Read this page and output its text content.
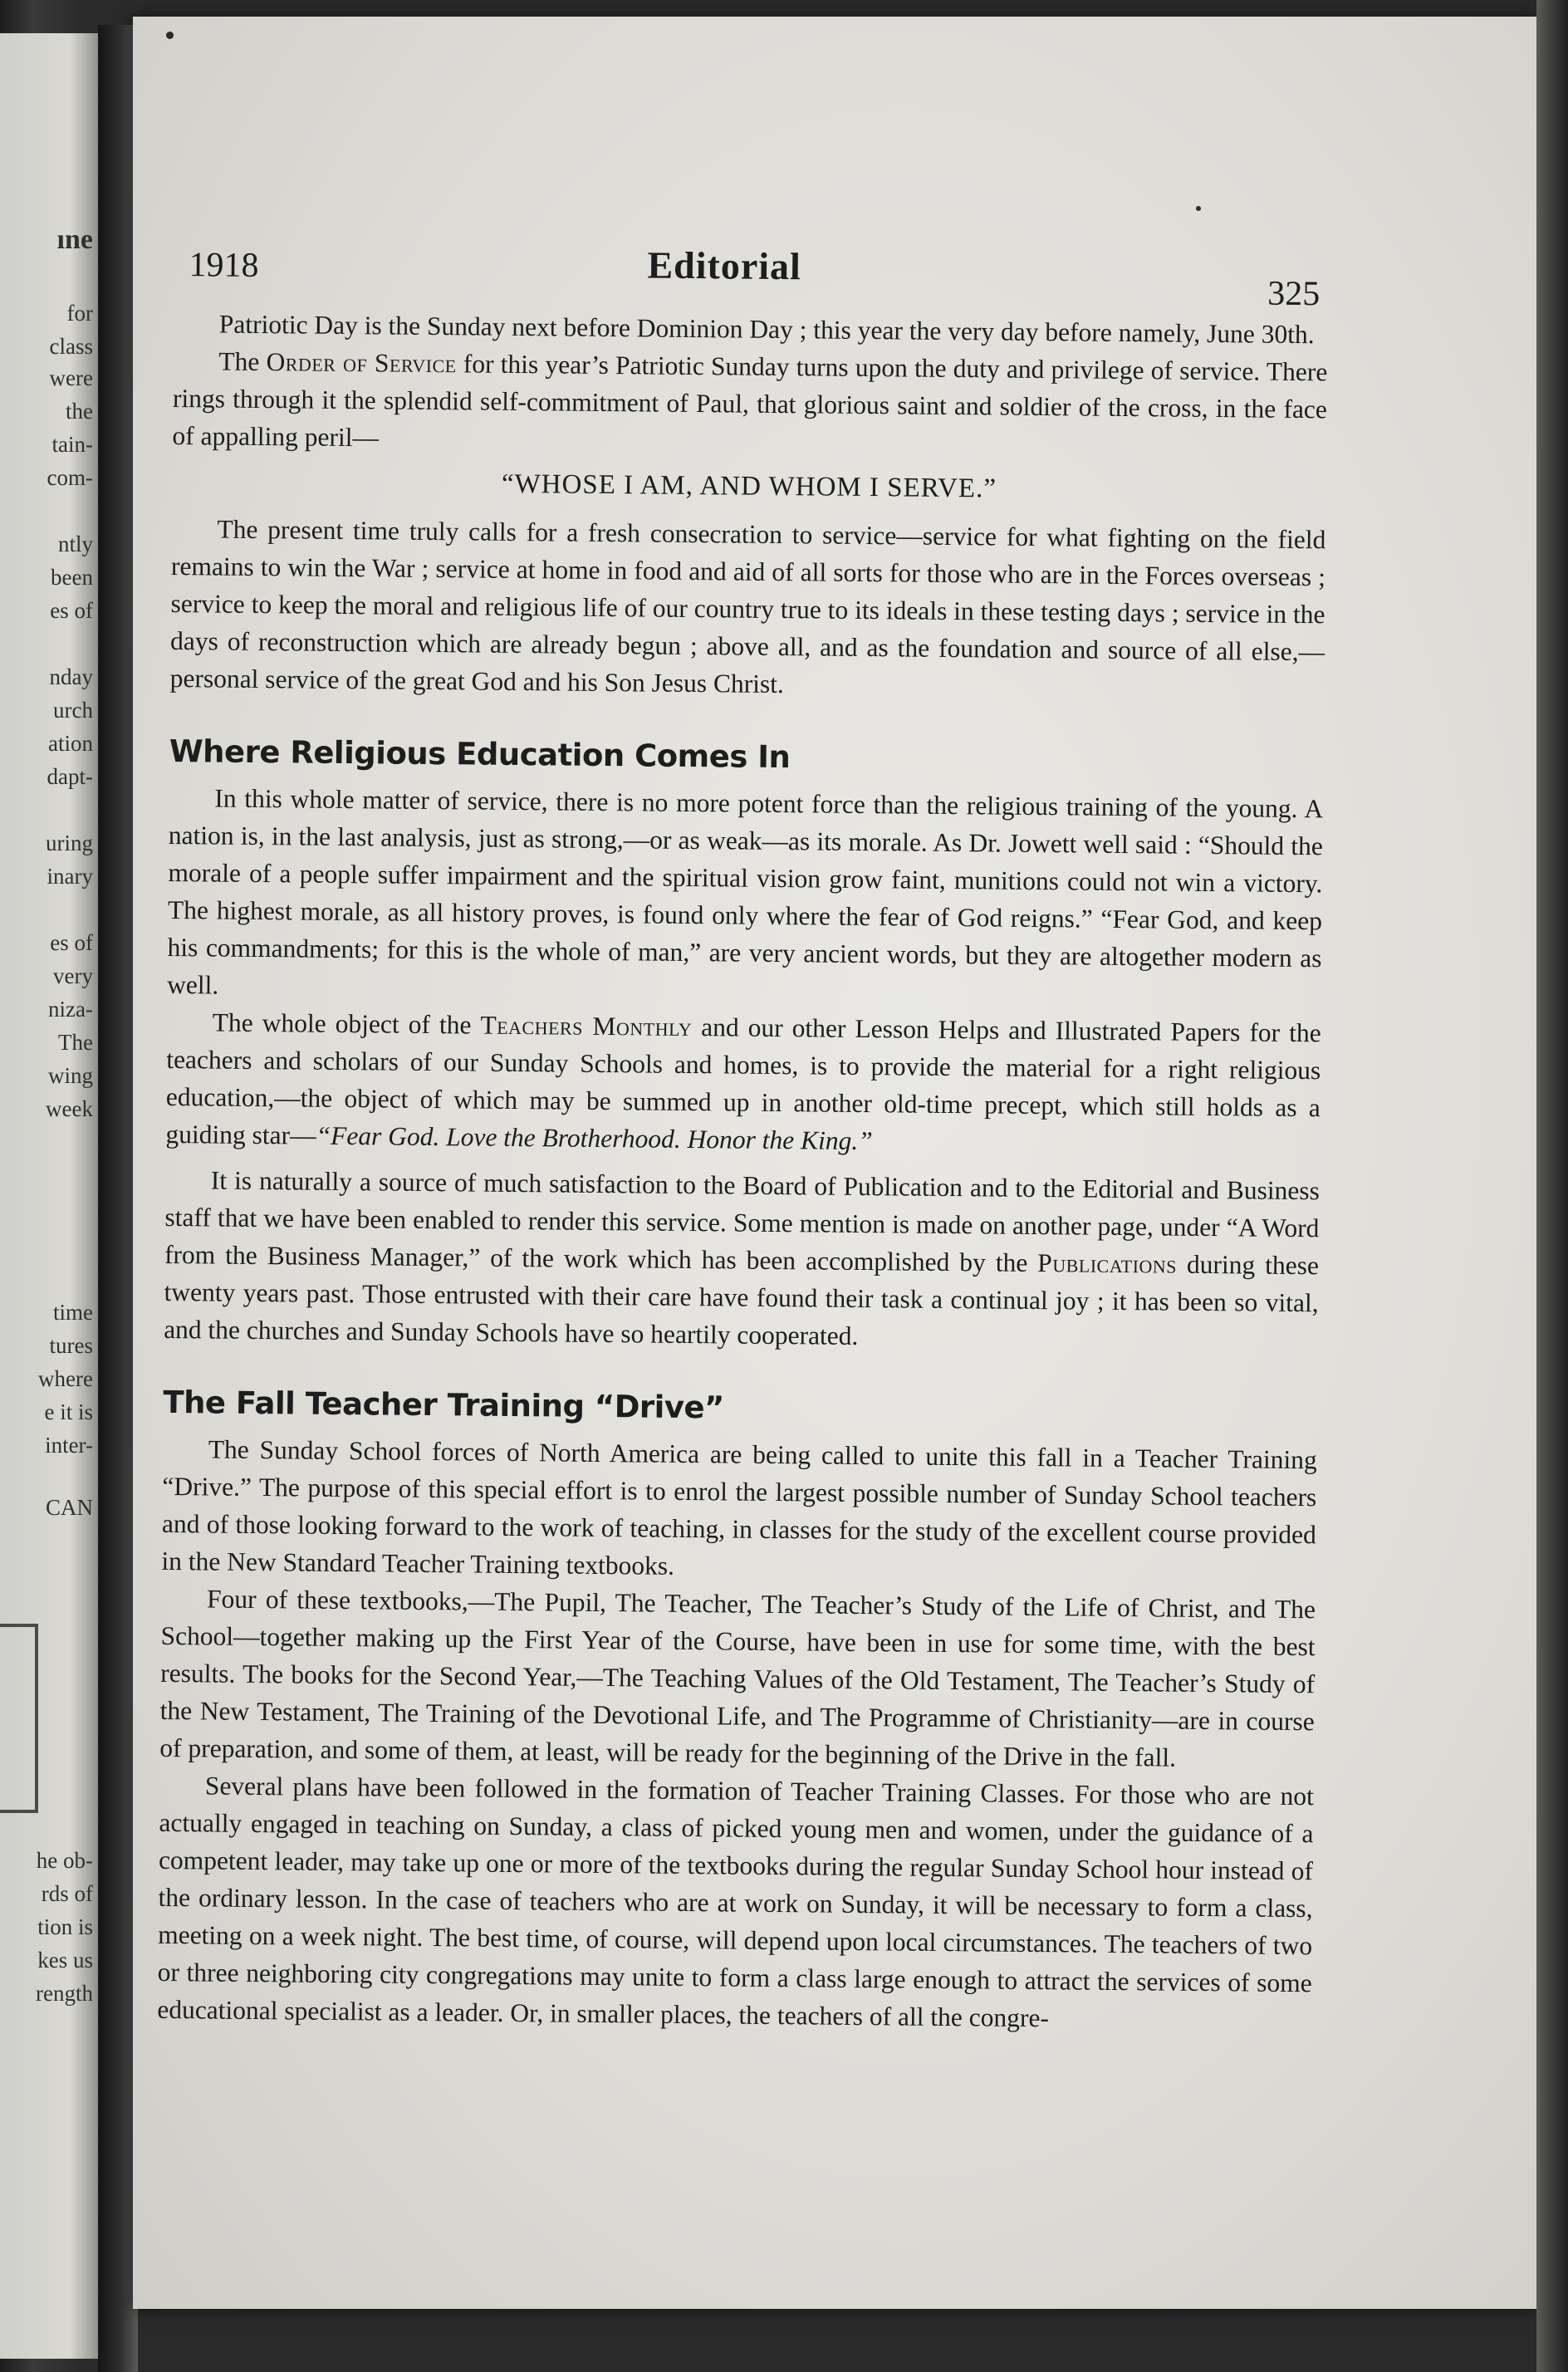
ıne
for
class
were
the
tain-
com-
ntly
been
es of
nday
urch
ation
dapt-
uring
inary
es of
very
niza-
The
wing
week
time
tures
where
e it is
inter-
CAN
he ob-
rds of
tion is
kes us
rength
1918	Editorial
325

Patriotic Day is the Sunday next before Dominion Day ; this year the very day before namely, June 30th.

The Order of Service for this year’s Patriotic Sunday turns upon the duty and privilege of service. There rings through it the splendid self-commitment of Paul, that glorious saint and soldier of the cross, in the face of appalling peril—

“WHOSE I AM, AND WHOM I SERVE.”

The present time truly calls for a fresh consecration to service—service for what fighting on the field remains to win the War ; service at home in food and aid of all sorts for those who are in the Forces overseas ; service to keep the moral and religious life of our country true to its ideals in these testing days ; service in the days of reconstruction which are already begun ; above all, and as the foundation and source of all else,—personal service of the great God and his Son Jesus Christ.

Where Religious Education Comes In

In this whole matter of service, there is no more potent force than the religious training of the young. A nation is, in the last analysis, just as strong,—or as weak—as its morale. As Dr. Jowett well said : “Should the morale of a people suffer impairment and the spiritual vision grow faint, munitions could not win a victory. The highest morale, as all history proves, is found only where the fear of God reigns.” “Fear God, and keep his commandments; for this is the whole of man,” are very ancient words, but they are altogether modern as well.

The whole object of the Teachers Monthly and our other Lesson Helps and Illustrated Papers for the teachers and scholars of our Sunday Schools and homes, is to provide the material for a right religious education,—the object of which may be summed up in another old-time precept, which still holds as a guiding star—“Fear God. Love the Brotherhood. Honor the King.”

It is naturally a source of much satisfaction to the Board of Publication and to the Editorial and Business staff that we have been enabled to render this service. Some mention is made on another page, under “A Word from the Business Manager,” of the work which has been accomplished by the Publications during these twenty years past. Those entrusted with their care have found their task a continual joy ; it has been so vital, and the churches and Sunday Schools have so heartily cooperated.

The Fall Teacher Training “Drive”

The Sunday School forces of North America are being called to unite this fall in a Teacher Training “Drive.” The purpose of this special effort is to enrol the largest possible number of Sunday School teachers and of those looking forward to the work of teaching, in classes for the study of the excellent course provided in the New Standard Teacher Training textbooks.

Four of these textbooks,—The Pupil, The Teacher, The Teacher’s Study of the Life of Christ, and The School—together making up the First Year of the Course, have been in use for some time, with the best results. The books for the Second Year,—The Teaching Values of the Old Testament, The Teacher’s Study of the New Testament, The Training of the Devotional Life, and The Programme of Christianity—are in course of preparation, and some of them, at least, will be ready for the beginning of the Drive in the fall.

Several plans have been followed in the formation of Teacher Training Classes. For those who are not actually engaged in teaching on Sunday, a class of picked young men and women, under the guidance of a competent leader, may take up one or more of the textbooks during the regular Sunday School hour instead of the ordinary lesson. In the case of teachers who are at work on Sunday, it will be necessary to form a class, meeting on a week night. The best time, of course, will depend upon local circumstances. The teachers of two or three neighboring city congregations may unite to form a class large enough to attract the services of some educational specialist as a leader. Or, in smaller places, the teachers of all the congre-
